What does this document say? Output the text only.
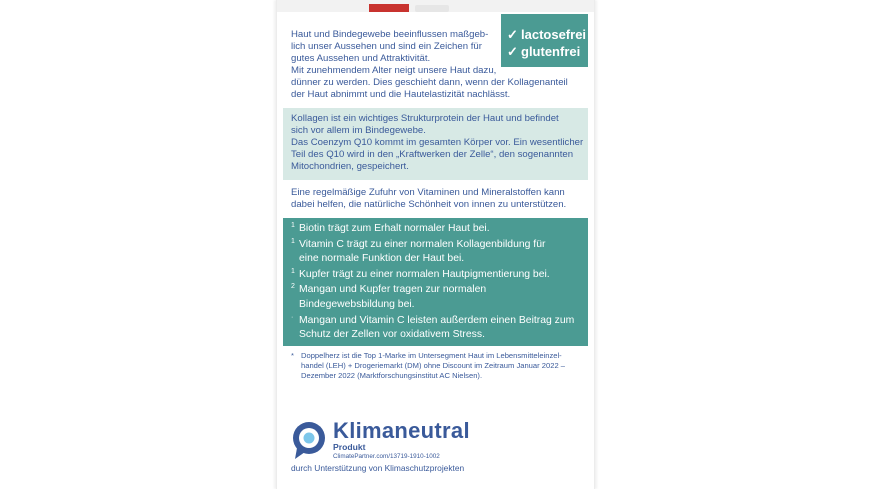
Haut und Bindegewebe beeinflussen maßgeb-
lich unser Aussehen und sind ein Zeichen für
gutes Aussehen und Attraktivität.
Mit zunehmendem Alter neigt unsere Haut dazu,
dünner zu werden. Dies geschieht dann, wenn der Kollagenanteil
der Haut abnimmt und die Hautelastizität nachlässt.
✓ lactosefrei
✓ glutenfrei
Kollagen ist ein wichtiges Strukturprotein der Haut und befindet
sich vor allem im Bindegewebe.
Das Coenzym Q10 kommt im gesamten Körper vor. Ein wesentlicher
Teil des Q10 wird in den „Kraftwerken der Zelle“, den sogenannten
Mitochondrien, gespeichert.
Eine regelmäßige Zufuhr von Vitaminen und Mineralstoffen kann
dabei helfen, die natürliche Schönheit von innen zu unterstützen.
1 Biotin trägt zum Erhalt normaler Haut bei.
1 Vitamin C trägt zu einer normalen Kollagenbildung für
eine normale Funktion der Haut bei.
1 Kupfer trägt zu einer normalen Hautpigmentierung bei.
2 Mangan und Kupfer tragen zur normalen
Bindegewebsbildung bei.
· Mangan und Vitamin C leisten außerdem einen Beitrag zum
Schutz der Zellen vor oxidativem Stress.
* Doppelherz ist die Top 1-Marke im Untersegment Haut im Lebensmitteleinzel-
handel (LEH) + Drogeriemarkt (DM) ohne Discount im Zeitraum Januar 2022 –
Dezember 2022 (Marktforschungsinstitut AC Nielsen).
Klimaneutral
Produkt
ClimatePartner.com/13719-1910-1002
durch Unterstützung von Klimaschutzprojekten
